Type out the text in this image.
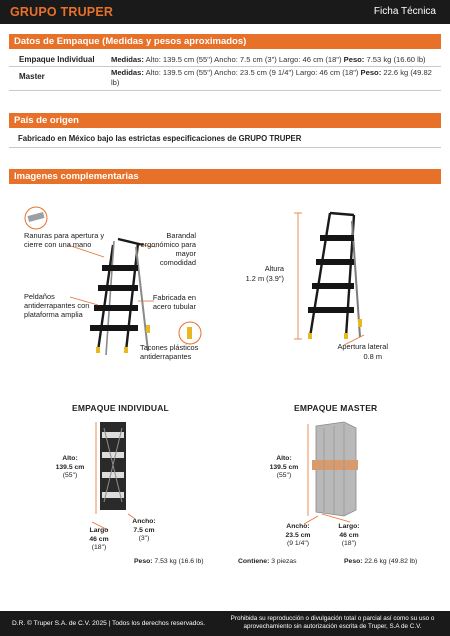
GRUPO TRUPER	Ficha Técnica
Datos de Empaque (Medidas y pesos aproximados)
Empaque Individual Medidas: Alto: 139.5 cm (55") Ancho: 7.5 cm (3") Largo: 46 cm (18") Peso: 7.53 kg (16.60 lb)
Master	Medidas: Alto: 139.5 cm (55") Ancho: 23.5 cm (9 1/4") Largo: 46 cm (18") Peso: 22.6 kg (49.82 lb)
País de origen
Fabricado en México bajo las estrictas especificaciones de GRUPO TRUPER
Imagenes complementarias
Ranuras para apertura y cierre con una mano
Peldaños antiderrapantes con plataforma amplia
Barandal ergonómico para mayor comodidad
Fabricada en acero tubular
Tacones plásticos antiderrapantes
Altura
1.2 m (3.9")
Apertura lateral
0.8 m
EMPAQUE INDIVIDUAL
Alto:
139.5 cm
(55")
Largo
46 cm
(18")
Ancho:
7.5 cm
(3")
Peso: 7.53 kg (16.6 lb)
EMPAQUE MASTER
Alto:
139.5 cm
(55")
Ancho:
23.5 cm
(9 1/4")
Largo:
46 cm
(18")
Contiene: 3 piezas	Peso: 22.6 kg (49.82 lb)
D.R. © Truper S.A. de C.V. 2025 | Todos los derechos reservados.
Prohibida su reproducción o divulgación total o parcial así como su uso o aprovechamiento sin autorización escrita de Truper, S.A de C.V.
